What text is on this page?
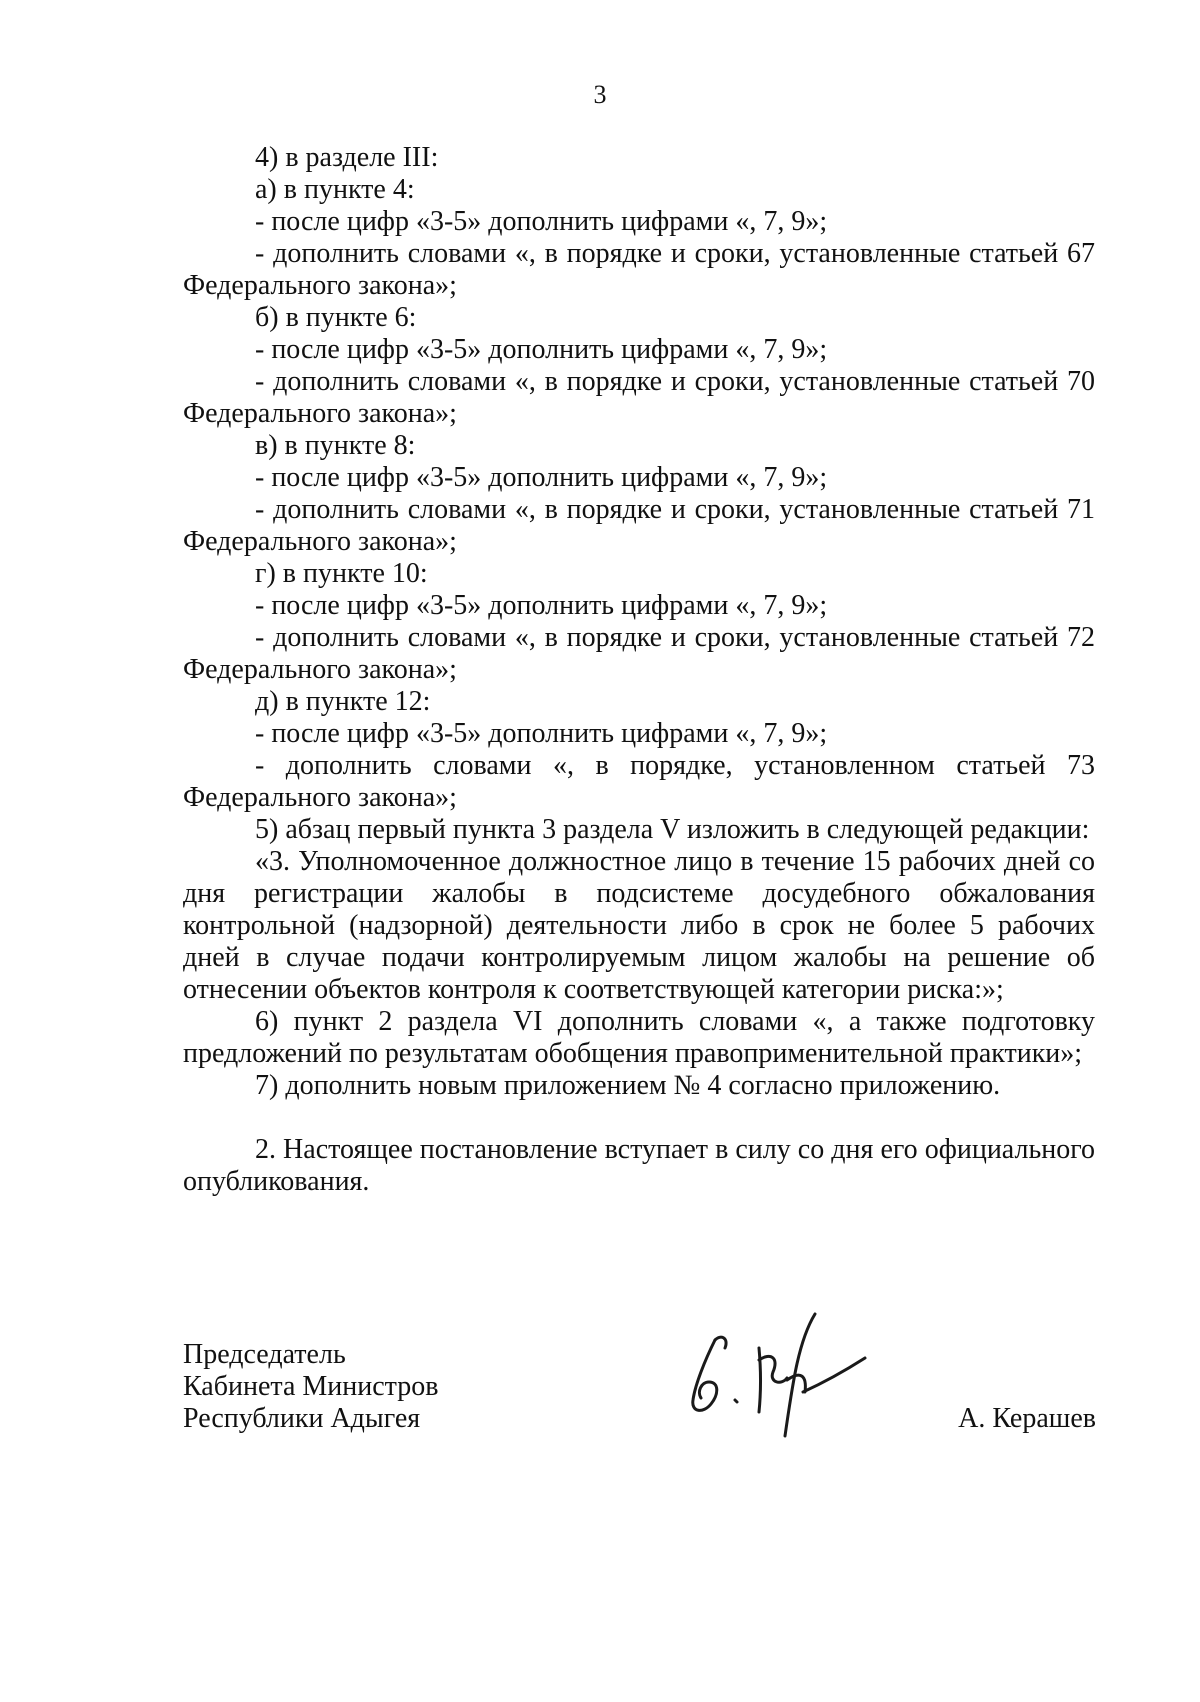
3

4) в разделе III:

а) в пункте 4:

- после цифр «3-5» дополнить цифрами «, 7, 9»;

- дополнить словами «, в порядке и сроки, установленные статьей 67 Федерального закона»;

б) в пункте 6:

- после цифр «3-5» дополнить цифрами «, 7, 9»;

- дополнить словами «, в порядке и сроки, установленные статьей 70 Федерального закона»;

в) в пункте 8:

- после цифр «3-5» дополнить цифрами «, 7, 9»;

- дополнить словами «, в порядке и сроки, установленные статьей 71 Федерального закона»;

г) в пункте 10:

- после цифр «3-5» дополнить цифрами «, 7, 9»;

- дополнить словами «, в порядке и сроки, установленные статьей 72 Федерального закона»;

д) в пункте 12:

- после цифр «3-5» дополнить цифрами «, 7, 9»;

- дополнить словами «, в порядке, установленном статьей 73 Федерального закона»;

5) абзац первый пункта 3 раздела V изложить в следующей редакции:

«3. Уполномоченное должностное лицо в течение 15 рабочих дней со дня регистрации жалобы в подсистеме досудебного обжалования контрольной (надзорной) деятельности либо в срок не более 5 рабочих дней в случае подачи контролируемым лицом жалобы на решение об отнесении объектов контроля к соответствующей категории риска:»;

6) пункт 2 раздела VI дополнить словами «, а также подготовку предложений по результатам обобщения правоприменительной практики»;

7) дополнить новым приложением № 4 согласно приложению.

2. Настоящее постановление вступает в силу со дня его официального опубликования.

Председатель
Кабинета Министров
Республики Адыгея	А. Керашев
